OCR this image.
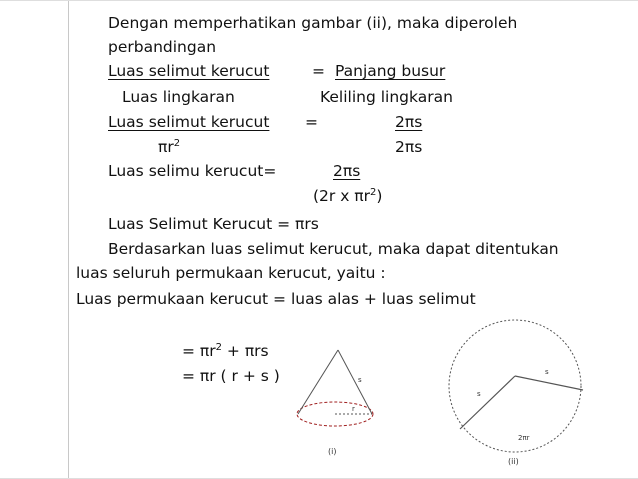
Dengan memperhatikan gambar (ii), maka diperoleh
perbandingan
Luas selimut kerucut	= Panjang busur
Luas lingkaran	Keliling lingkaran
Luas selimut kerucut =	2πs
$\pi r^2$	2πs
Luas selimu kerucut=	2πs
(2r x $\pi r^2$)
Luas Selimut Kerucut = πrs
Berdasarkan luas selimut kerucut, maka dapat ditentukan
luas seluruh permukaan kerucut, yaitu :
Luas permukaan kerucut = luas alas + luas selimut
= $\pi r^2 + \pi rs$
= πr ( r + s )	s
r
(i)
s
s
2πr
(ii)
